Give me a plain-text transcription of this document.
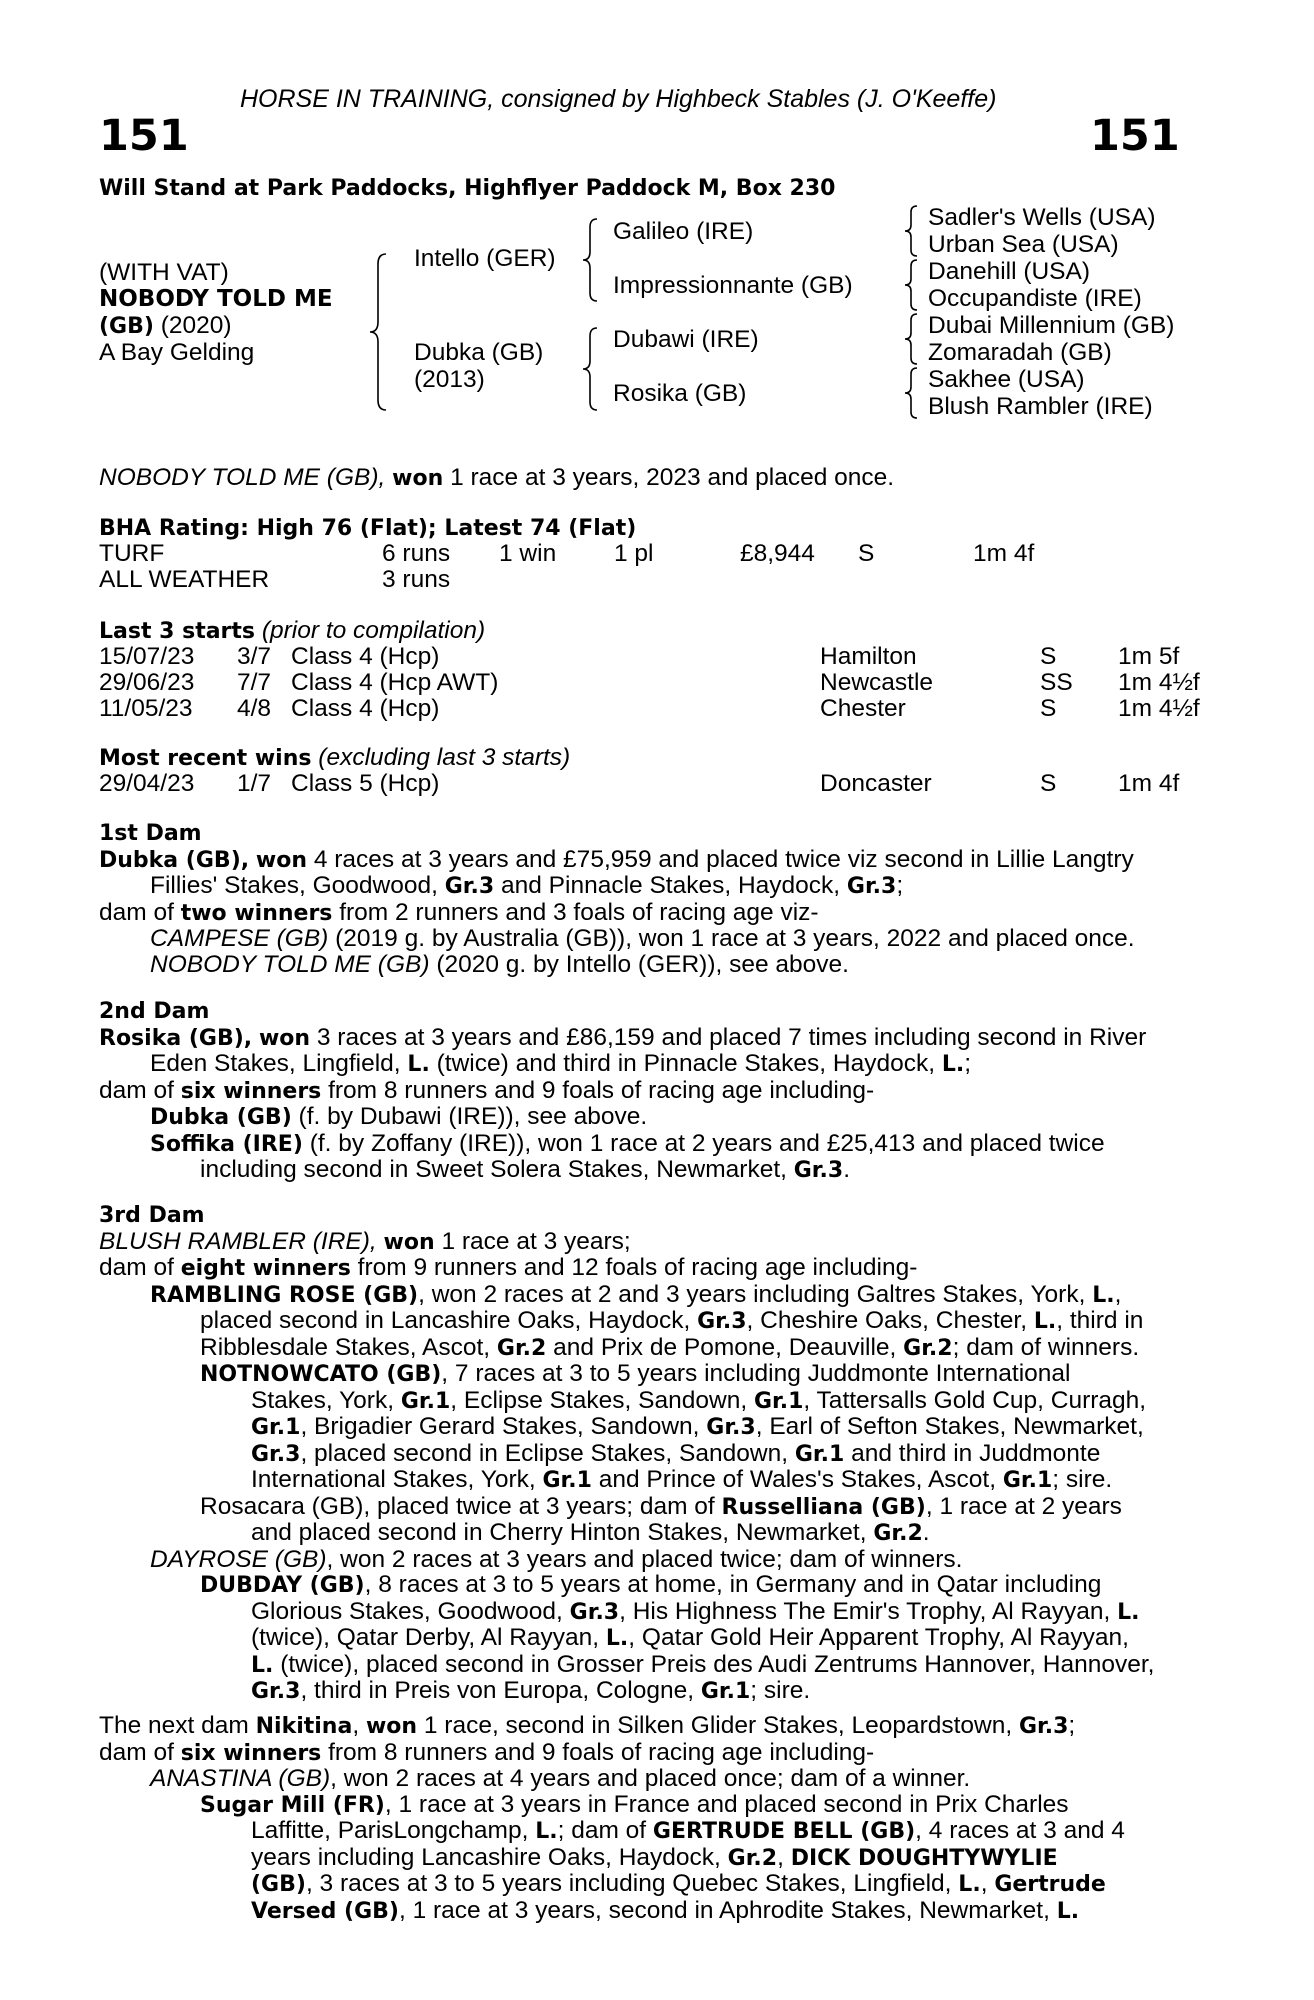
HORSE IN TRAINING, consigned by Highbeck Stables (J. O'Keeffe)
151	151
Will Stand at Park Paddocks, Highflyer Paddock M, Box 230
(WITH VAT)
NOBODY TOLD ME
(GB) (2020)
A Bay Gelding
Intello (GER)
Dubka (GB)
(2013)
Galileo (IRE)
Impressionnante (GB)
Dubawi (IRE)
Rosika (GB)
Sadler's Wells (USA)
Urban Sea (USA)
Danehill (USA)
Occupandiste (IRE)
Dubai Millennium (GB)
Zomaradah (GB)
Sakhee (USA)
Blush Rambler (IRE)
NOBODY TOLD ME (GB), won 1 race at 3 years, 2023 and placed once.
BHA Rating: High 76 (Flat); Latest 74 (Flat)
TURF	6 runs 1 win 1 pl	£8,944 S	1m 4f
ALL WEATHER	3 runs
Last 3 starts (prior to compilation)
15/07/23 3/7 Class 4 (Hcp)	Hamilton	S	1m 5f
29/06/23 7/7 Class 4 (Hcp AWT)	Newcastle	SS 1m 4½f
11/05/23 4/8 Class 4 (Hcp)	Chester	S	1m 4½f
Most recent wins (excluding last 3 starts)
29/04/23 1/7 Class 5 (Hcp)	Doncaster	S	1m 4f
1st Dam
Dubka (GB), won 4 races at 3 years and £75,959 and placed twice viz second in Lillie Langtry
Fillies' Stakes, Goodwood, Gr.3 and Pinnacle Stakes, Haydock, Gr.3;
dam of two winners from 2 runners and 3 foals of racing age viz-
CAMPESE (GB) (2019 g. by Australia (GB)), won 1 race at 3 years, 2022 and placed once.
NOBODY TOLD ME (GB) (2020 g. by Intello (GER)), see above.
2nd Dam
Rosika (GB), won 3 races at 3 years and £86,159 and placed 7 times including second in River
Eden Stakes, Lingfield, L. (twice) and third in Pinnacle Stakes, Haydock, L.;
dam of six winners from 8 runners and 9 foals of racing age including-
Dubka (GB) (f. by Dubawi (IRE)), see above.
Soffika (IRE) (f. by Zoffany (IRE)), won 1 race at 2 years and £25,413 and placed twice
including second in Sweet Solera Stakes, Newmarket, Gr.3.
3rd Dam
BLUSH RAMBLER (IRE), won 1 race at 3 years;
dam of eight winners from 9 runners and 12 foals of racing age including-
RAMBLING ROSE (GB), won 2 races at 2 and 3 years including Galtres Stakes, York, L.,
placed second in Lancashire Oaks, Haydock, Gr.3, Cheshire Oaks, Chester, L., third in
Ribblesdale Stakes, Ascot, Gr.2 and Prix de Pomone, Deauville, Gr.2; dam of winners.
NOTNOWCATO (GB), 7 races at 3 to 5 years including Juddmonte International
Stakes, York, Gr.1, Eclipse Stakes, Sandown, Gr.1, Tattersalls Gold Cup, Curragh,
Gr.1, Brigadier Gerard Stakes, Sandown, Gr.3, Earl of Sefton Stakes, Newmarket,
Gr.3, placed second in Eclipse Stakes, Sandown, Gr.1 and third in Juddmonte
International Stakes, York, Gr.1 and Prince of Wales's Stakes, Ascot, Gr.1; sire.
Rosacara (GB), placed twice at 3 years; dam of Russelliana (GB), 1 race at 2 years
and placed second in Cherry Hinton Stakes, Newmarket, Gr.2.
DAYROSE (GB), won 2 races at 3 years and placed twice; dam of winners.
DUBDAY (GB), 8 races at 3 to 5 years at home, in Germany and in Qatar including
Glorious Stakes, Goodwood, Gr.3, His Highness The Emir's Trophy, Al Rayyan, L.
(twice), Qatar Derby, Al Rayyan, L., Qatar Gold Heir Apparent Trophy, Al Rayyan,
L. (twice), placed second in Grosser Preis des Audi Zentrums Hannover, Hannover,
Gr.3, third in Preis von Europa, Cologne, Gr.1; sire.
The next dam Nikitina, won 1 race, second in Silken Glider Stakes, Leopardstown, Gr.3;
dam of six winners from 8 runners and 9 foals of racing age including-
ANASTINA (GB), won 2 races at 4 years and placed once; dam of a winner.
Sugar Mill (FR), 1 race at 3 years in France and placed second in Prix Charles
Laffitte, ParisLongchamp, L.; dam of GERTRUDE BELL (GB), 4 races at 3 and 4
years including Lancashire Oaks, Haydock, Gr.2, DICK DOUGHTYWYLIE
(GB), 3 races at 3 to 5 years including Quebec Stakes, Lingfield, L., Gertrude
Versed (GB), 1 race at 3 years, second in Aphrodite Stakes, Newmarket, L.
